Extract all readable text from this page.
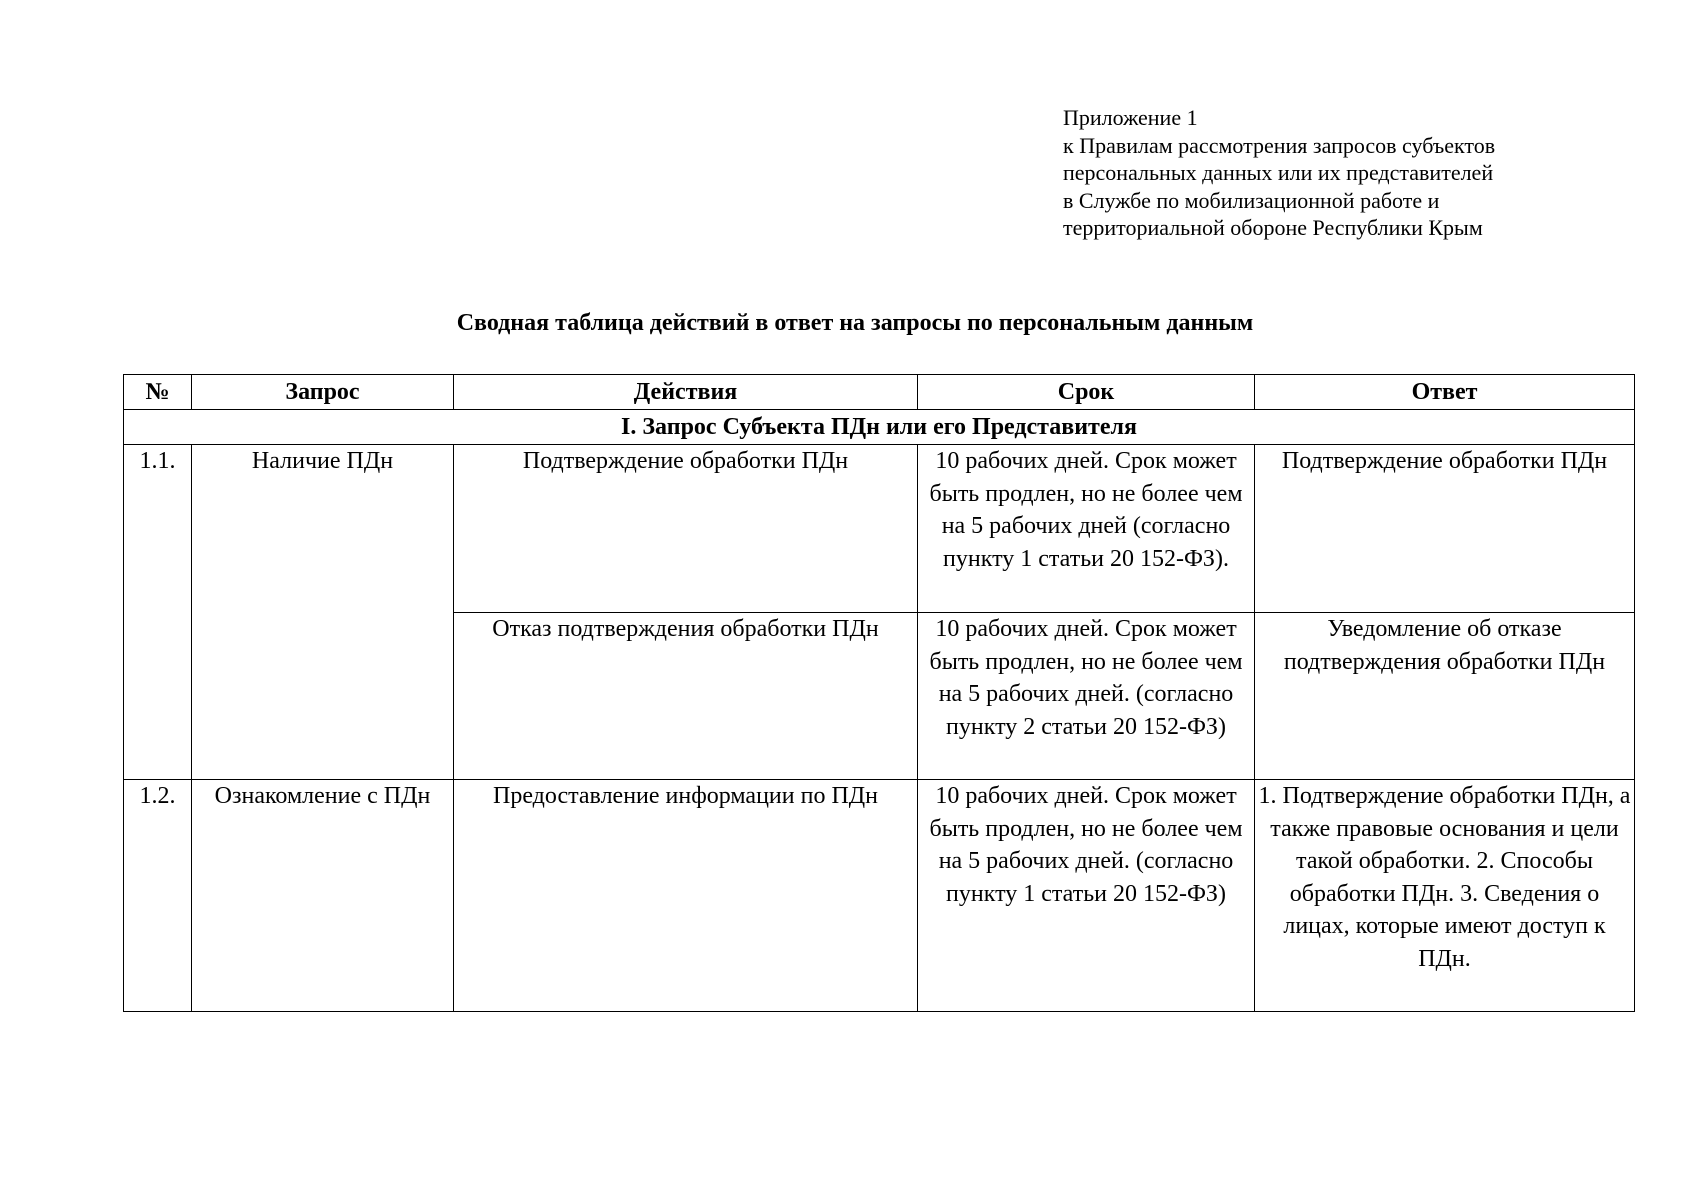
Приложение 1
к Правилам рассмотрения запросов субъектов
персональных данных или их представителей
в Службе по мобилизационной работе и
территориальной обороне Республики Крым
Сводная таблица действий в ответ на запросы по персональным данным
№	Запрос	Действия	Срок	Ответ
I. Запрос Субъекта ПДн или его Представителя				
1.1.	Наличие ПДн	Подтверждение обработки ПДн	10 рабочих дней. Срок может быть продлен, но не более чем на 5 рабочих дней (согласно пункту 1 статьи 20 152-ФЗ).	Подтверждение обработки ПДн
		Отказ подтверждения обработки ПДн	10 рабочих дней. Срок может быть продлен, но не более чем на 5 рабочих дней. (согласно пункту 2 статьи 20 152-ФЗ)	Уведомление об отказе подтверждения обработки ПДн
1.2.	Ознакомление с ПДн	Предоставление информации по ПДн	10 рабочих дней. Срок может быть продлен, но не более чем на 5 рабочих дней. (согласно пункту 1 статьи 20 152-ФЗ)	1. Подтверждение обработки ПДн, а также правовые основания и цели такой обработки. 2. Способы обработки ПДн. 3. Сведения о лицах, которые имеют доступ к ПДн.
